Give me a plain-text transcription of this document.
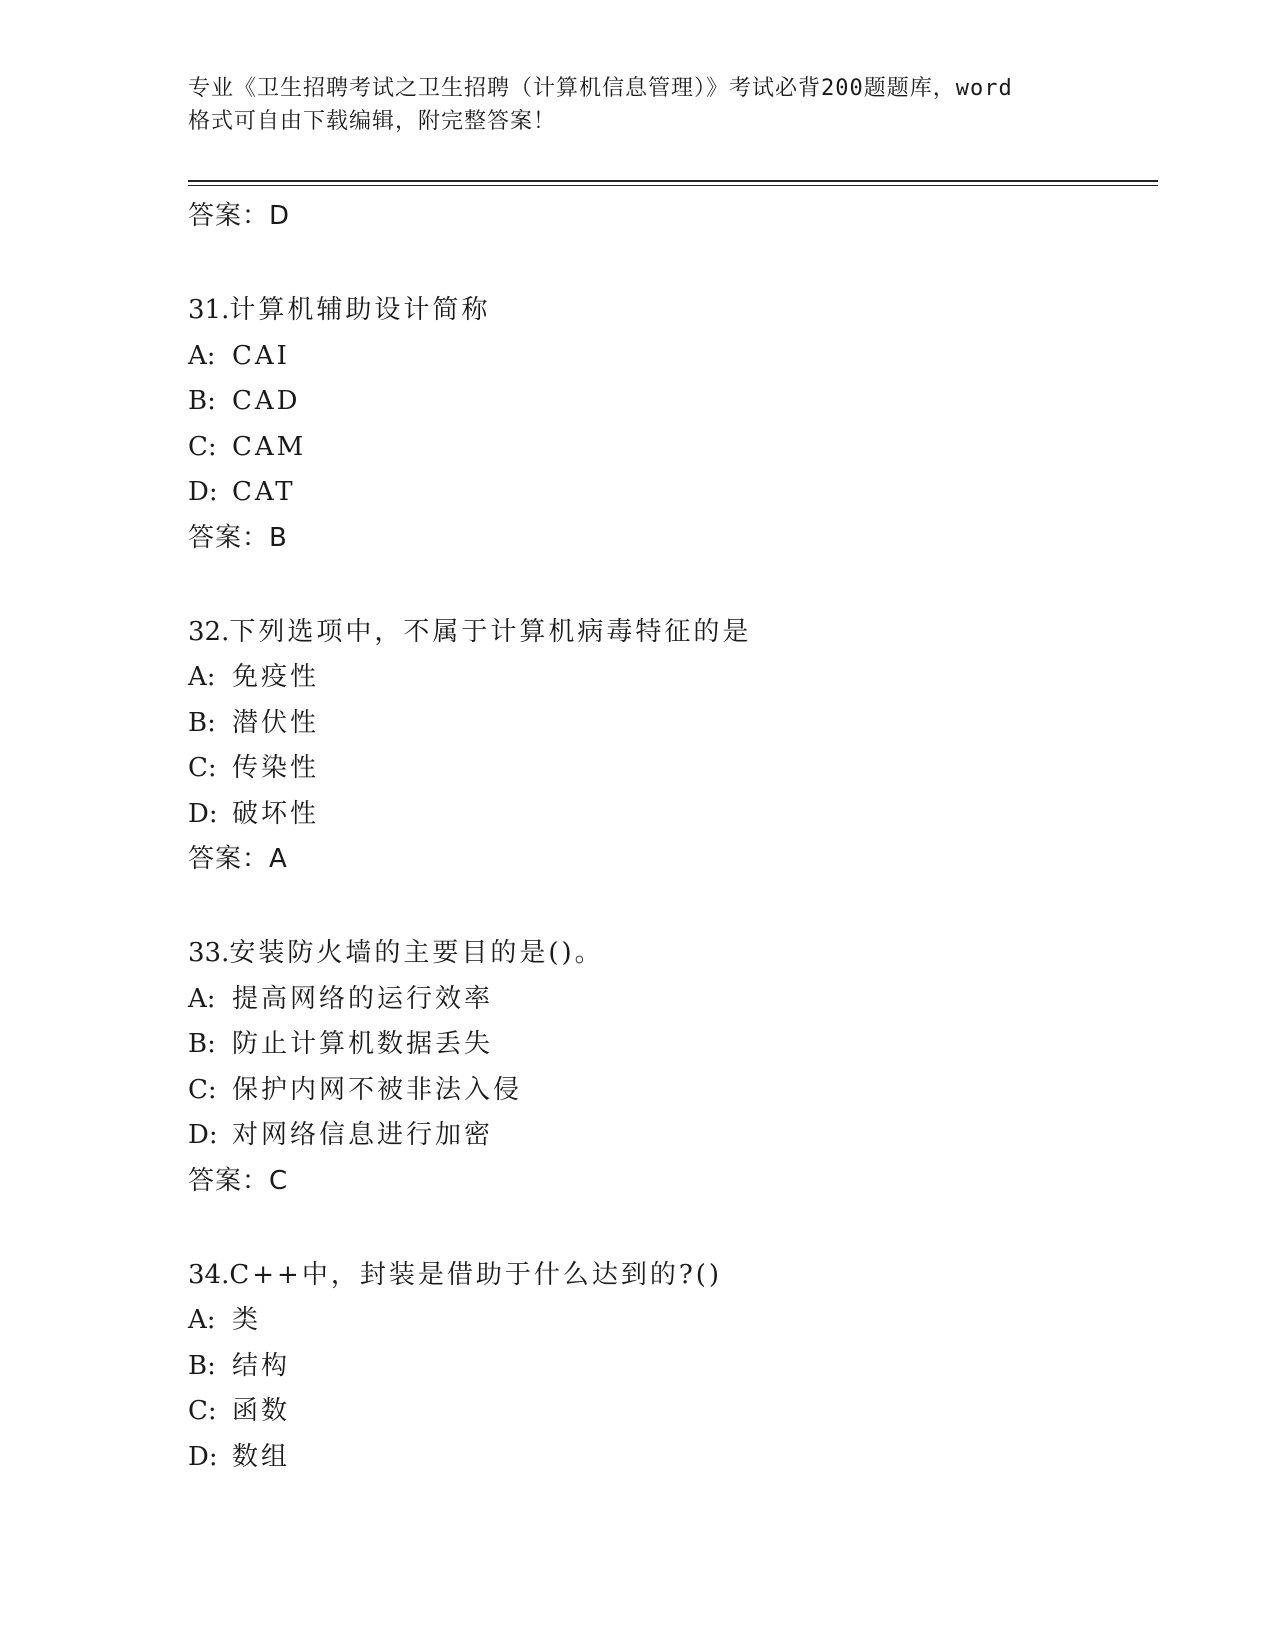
专业《卫生招聘考试之卫生招聘（计算机信息管理）》考试必背200题题库，word
格式可自由下载编辑，附完整答案！
答案：D
31.计算机辅助设计简称
A: CAI
B: CAD
C: CAM
D: CAT
答案：B
32.下列选项中，不属于计算机病毒特征的是
A: 免疫性
B: 潜伏性
C: 传染性
D: 破坏性
答案：A
33.安装防火墙的主要目的是()。
A: 提高网络的运行效率
B: 防止计算机数据丢失
C: 保护内网不被非法入侵
D: 对网络信息进行加密
答案：C
34.C++中，封装是借助于什么达到的?()
A: 类
B: 结构
C: 函数
D: 数组
